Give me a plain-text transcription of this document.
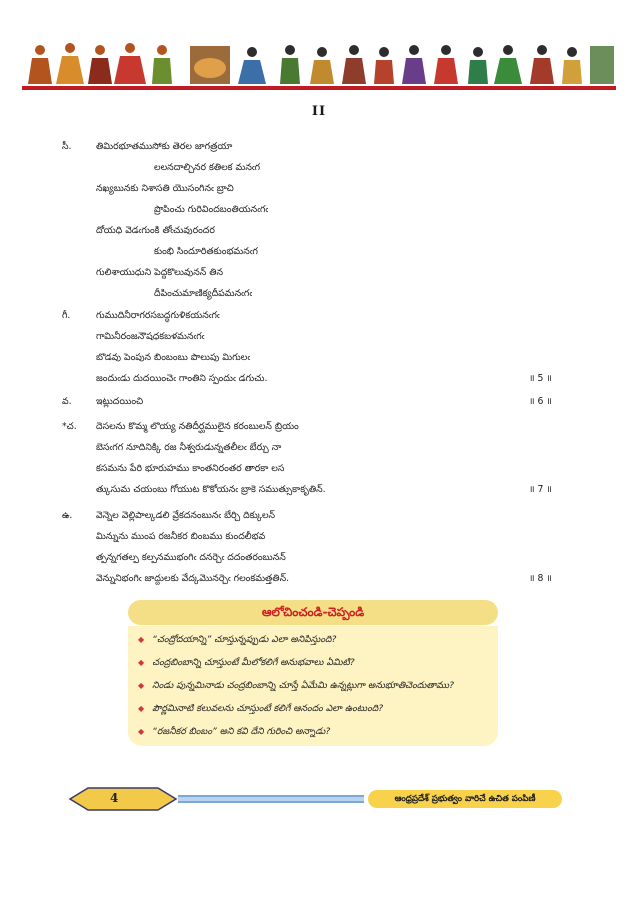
II
సీ.	తిమిరభూతముసోకు తెరల జాగత్రయా
లలనదాల్చినర కతిలక మనఁగ
నఖ్యబునకు నిశాసతి యొసంగినఁ బ్రాచి
ప్రొపించు గురివిందబంతియనఁగఁ
దోయధి వెడఁగుంకి తోఁచువురందర
కుంభి సిందూరితకుంభమనఁగ
గులిశాయుధుని పెద్దకొలువునన్ తిన
దీపించుమాణిక్యదీపమనఁగఁ
గీ.	గుముదినీరాగరసబద్ధగుళికయనఁగఁ
గామినీరంజనౌషధకబళమనఁగఁ
బొడవు పెంపున బింబంబు పొలుపు మిగులఁ
జందుఁడు దుదయించెఁ గాంతిని స్పందుఁ డగుచు.	॥ 5 ॥
వ.	ఇట్లుదయించి	॥ 6 ॥
*చ. దెసలను కొమ్మ లొయ్య నతిదీర్ఘములైన కరంబులన్ బ్రియం
బెసఁగగ నూదినిక్కి రజ నీశ్వరుడున్నతలీలఁ బేర్చు నా
కసమను పేరి భూరుహము కాంతనిరంతర తారకా లస
త్కుసుమ చయంబు గోయుట కొకోయనఁ బ్రాకె సముత్సుకాకృతిన్.	॥ 7 ॥
ఉ.	వెన్నెల వెల్లిపాల్కడలి వ్రేకదనంబునఁ బేర్చి దిక్కులన్
మిన్నును ముంప రజనీకర బింబము కుందలీభవ
త్పన్నగతల్ప కల్పనముభంగిఁ దనర్చెఁ దదంతరంబునన్
వెన్నునిభంగిఁ జాద్దులకు వేద్కమొనర్చెఁ గలంకమత్తతిన్.	॥ 8 ॥
ఆలోచించండి-చెప్పండి
◆ “చంద్రోదయాన్ని” చూస్తున్నప్పుడు ఎలా అనిపిస్తుంది?
◆ చంద్రబింబాన్ని చూస్తుంటే మీలోకలిగే అనుభవాలు ఏమిటి?
◆ నిండు పున్నమినాడు చంద్రబింబాన్ని చూస్తే ఏమేమి ఉన్నట్లుగా అనుభూతిచెందుతాము?
◆ పౌర్ణమినాటి కలువలను చూస్తుంటే కలిగే ఆనందం ఎలా ఉంటుంది?
◆ “రజనీకర బింబం” అని కవి దేని గురించి అన్నాడు?
4	ఆంధ్రప్రదేశ్ ప్రభుత్వం వారిచే ఉచిత పంపిణీ
